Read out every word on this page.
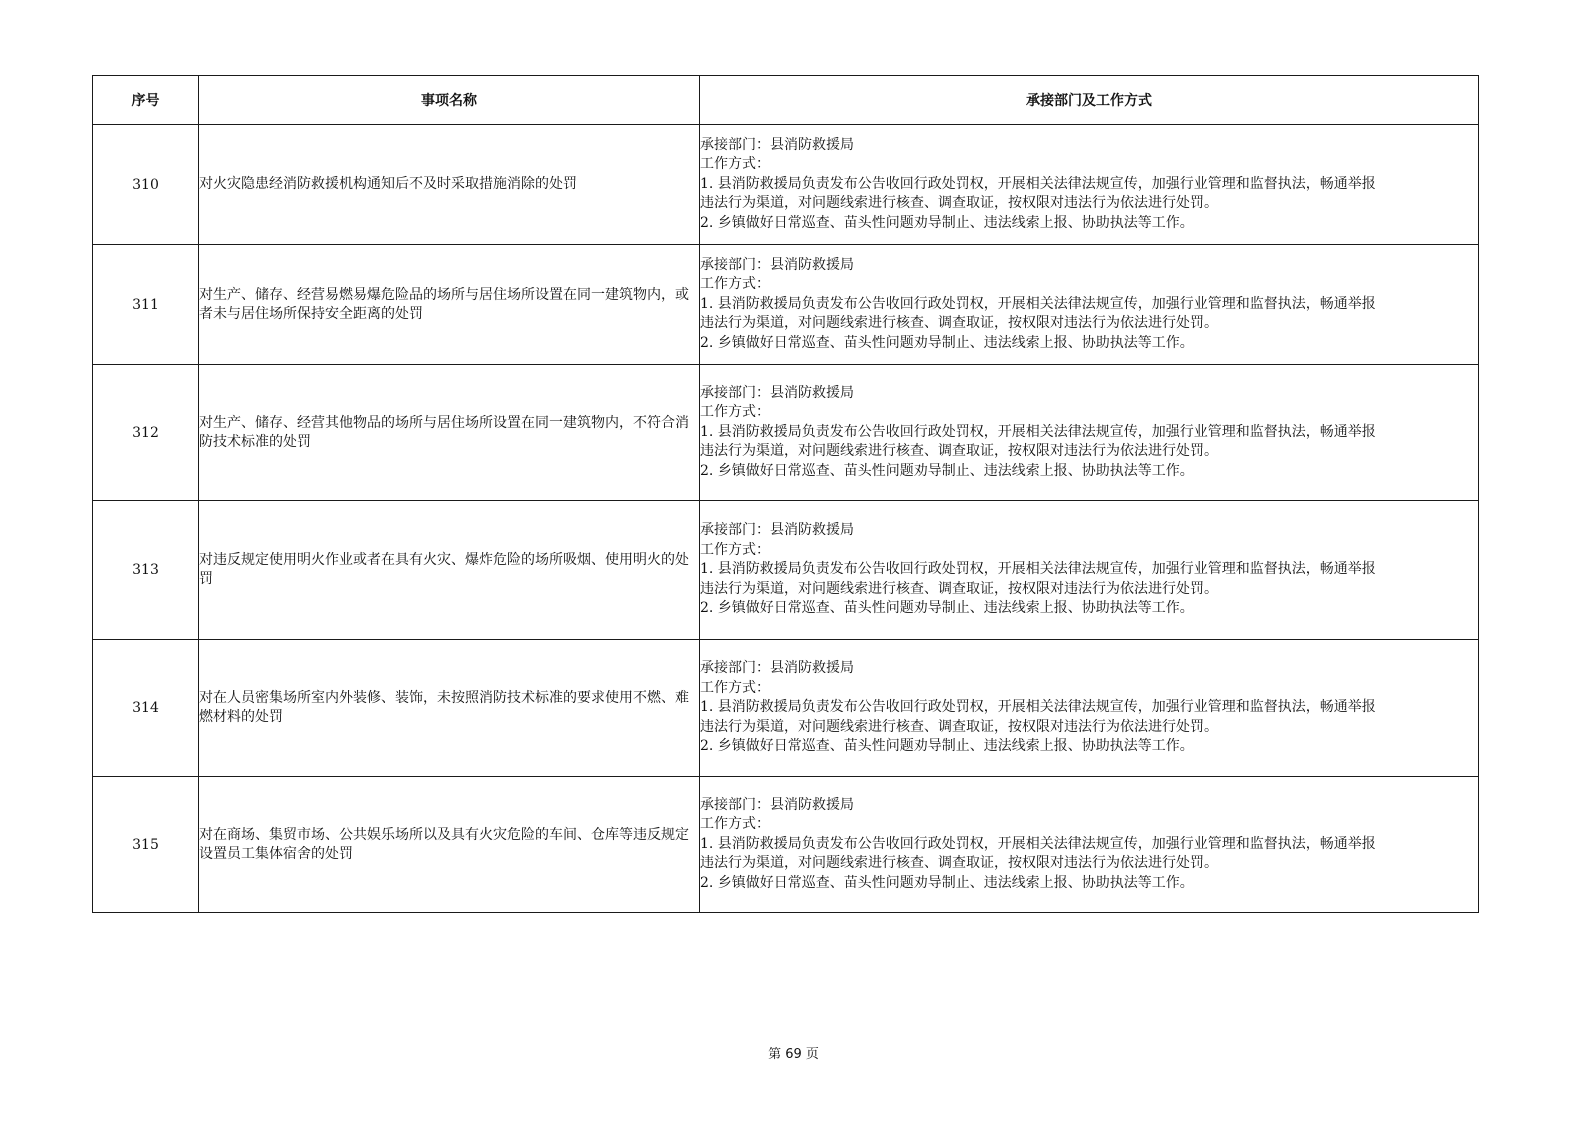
序号	事项名称	承接部门及工作方式
310	对火灾隐患经消防救援机构通知后不及时采取措施消除的处罚	承接部门：县消防救援局
工作方式：
1. 县消防救援局负责发布公告收回行政处罚权，开展相关法律法规宣传，加强行业管理和监督执法，畅通举报
违法行为渠道，对问题线索进行核查、调查取证，按权限对违法行为依法进行处罚。
2. 乡镇做好日常巡查、苗头性问题劝导制止、违法线索上报、协助执法等工作。

311	对生产、储存、经营易燃易爆危险品的场所与居住场所设置在同一建筑物内，或者未与居住场所保持安全距离的处罚	承接部门：县消防救援局
工作方式：
1. 县消防救援局负责发布公告收回行政处罚权，开展相关法律法规宣传，加强行业管理和监督执法，畅通举报
违法行为渠道，对问题线索进行核查、调查取证，按权限对违法行为依法进行处罚。
2. 乡镇做好日常巡查、苗头性问题劝导制止、违法线索上报、协助执法等工作。

312	对生产、储存、经营其他物品的场所与居住场所设置在同一建筑物内，不符合消防技术标准的处罚	承接部门：县消防救援局
工作方式：
1. 县消防救援局负责发布公告收回行政处罚权，开展相关法律法规宣传，加强行业管理和监督执法，畅通举报
违法行为渠道，对问题线索进行核查、调查取证，按权限对违法行为依法进行处罚。
2. 乡镇做好日常巡查、苗头性问题劝导制止、违法线索上报、协助执法等工作。

313	对违反规定使用明火作业或者在具有火灾、爆炸危险的场所吸烟、使用明火的处罚	承接部门：县消防救援局
工作方式：
1. 县消防救援局负责发布公告收回行政处罚权，开展相关法律法规宣传，加强行业管理和监督执法，畅通举报
违法行为渠道，对问题线索进行核查、调查取证，按权限对违法行为依法进行处罚。
2. 乡镇做好日常巡查、苗头性问题劝导制止、违法线索上报、协助执法等工作。

314	对在人员密集场所室内外装修、装饰，未按照消防技术标准的要求使用不燃、难燃材料的处罚	承接部门：县消防救援局
工作方式：
1. 县消防救援局负责发布公告收回行政处罚权，开展相关法律法规宣传，加强行业管理和监督执法，畅通举报
违法行为渠道，对问题线索进行核查、调查取证，按权限对违法行为依法进行处罚。
2. 乡镇做好日常巡查、苗头性问题劝导制止、违法线索上报、协助执法等工作。

315	对在商场、集贸市场、公共娱乐场所以及具有火灾危险的车间、仓库等违反规定设置员工集体宿舍的处罚	承接部门：县消防救援局
工作方式：
1. 县消防救援局负责发布公告收回行政处罚权，开展相关法律法规宣传，加强行业管理和监督执法，畅通举报
违法行为渠道，对问题线索进行核查、调查取证，按权限对违法行为依法进行处罚。
2. 乡镇做好日常巡查、苗头性问题劝导制止、违法线索上报、协助执法等工作。
第 69 页
